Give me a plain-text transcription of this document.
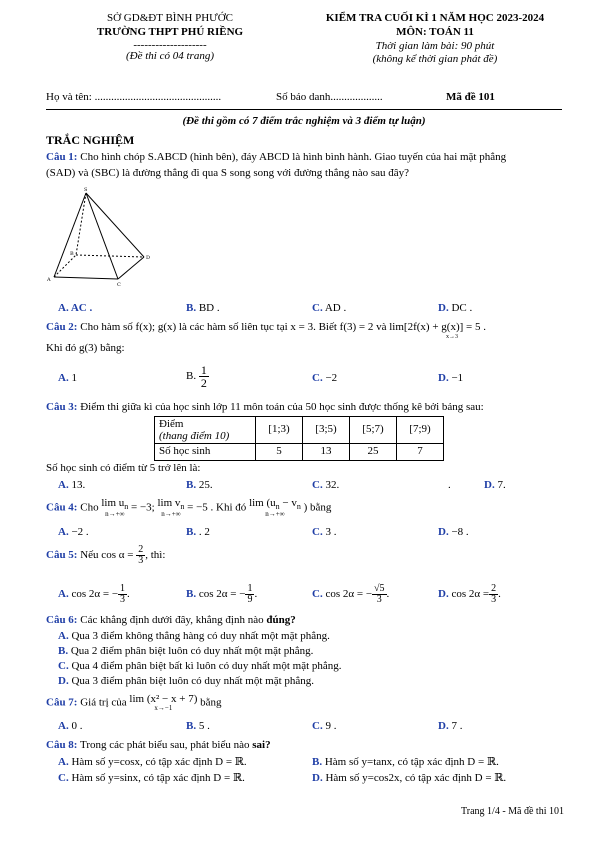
SỞ GD&ĐT BÌNH PHƯỚC
TRƯỜNG THPT PHÚ RIỀNG
--------------------
(Đề thi có 04 trang)
KIỂM TRA CUỐI KÌ 1 NĂM HỌC 2023-2024
MÔN: TOÁN 11
Thời gian làm bài: 90 phút
(không kể thời gian phát đề)
Họ và tên: ..............................................	Số báo danh...................	Mã đề 101
(Đề thi gồm có 7 điểm trắc nghiệm và 3 điểm tự luận)
TRẮC NGHIỆM
Câu 1: Cho hình chóp S.ABCD (hình bên), đáy ABCD là hình bình hành. Giao tuyến của hai mặt phẳng
(SAD) và (SBC) là đường thẳng đi qua S song song với đường thẳng nào sau đây?
S
A
B
C
D
A. AC .	B. BD .	C. AD .	D. DC .
Câu 2: Cho hàm số f(x); g(x) là các hàm số liên tục tại x = 3. Biết f(3) = 2 và lim[2f(x) + g(x)] = 5 .
x→3
Khi đó g(3) bằng:
A. 1	B. $\frac{1}{2}$	C. −2	D. −1
Câu 3: Điểm thi giữa kì của học sinh lớp 11 môn toán của 50 học sinh được thống kê bởi bảng sau:
Điểm
(thang điểm 10)	[1;3)	[3;5)	[5;7)	[7;9)
Số học sinh	5	13	25	7
Số học sinh có điểm từ 5 trở lên là:
A. 13.	B. 25.	C. 32.	.	D. 7.
Câu 4: Cho $\lim u_n$
n→+∞
= −3; $\lim v_n$
n→+∞
= −5 . Khi đó $\lim (u_n - v_n$
n→+∞
) bằng
A. −2 .	B. . 2	C. 3 .	D. −8 .
Câu 5: Nếu $\cos \alpha = \frac{2}{3}$ , thì:
A. cos 2α = − $\frac{1}{3}$ .	B. cos 2α = − $\frac{1}{9}$ .	C. cos 2α = − $\frac{√5}{3}$ .	D. $\cos 2\alpha = \frac{2}{3}$ .
Câu 6: Các khẳng định dưới đây, khẳng định nào đúng?
A. Qua 3 điểm không thẳng hàng có duy nhất một mặt phẳng.
B. Qua 2 điểm phân biệt luôn có duy nhất một mặt phẳng.
C. Qua 4 điểm phân biệt bất kì luôn có duy nhất một mặt phẳng.
D. Qua 3 điểm phân biệt luôn có duy nhất một mặt phẳng.
Câu 7: Giá trị của lim (x² − x + 7)
x→−1	bằng
A. 0 .	B. 5 .	C. 9 .	D. 7 .
Câu 8: Trong các phát biểu sau, phát biểu nào sai?
A. Hàm số y=cosx, có tập xác định D = ℝ.	B. Hàm số y=tanx, có tập xác định D = ℝ.
C. Hàm số y=sinx, có tập xác định D = ℝ.	D. Hàm số y=cos2x, có tập xác định D = ℝ.
Trang 1/4 - Mã đề thi 101
